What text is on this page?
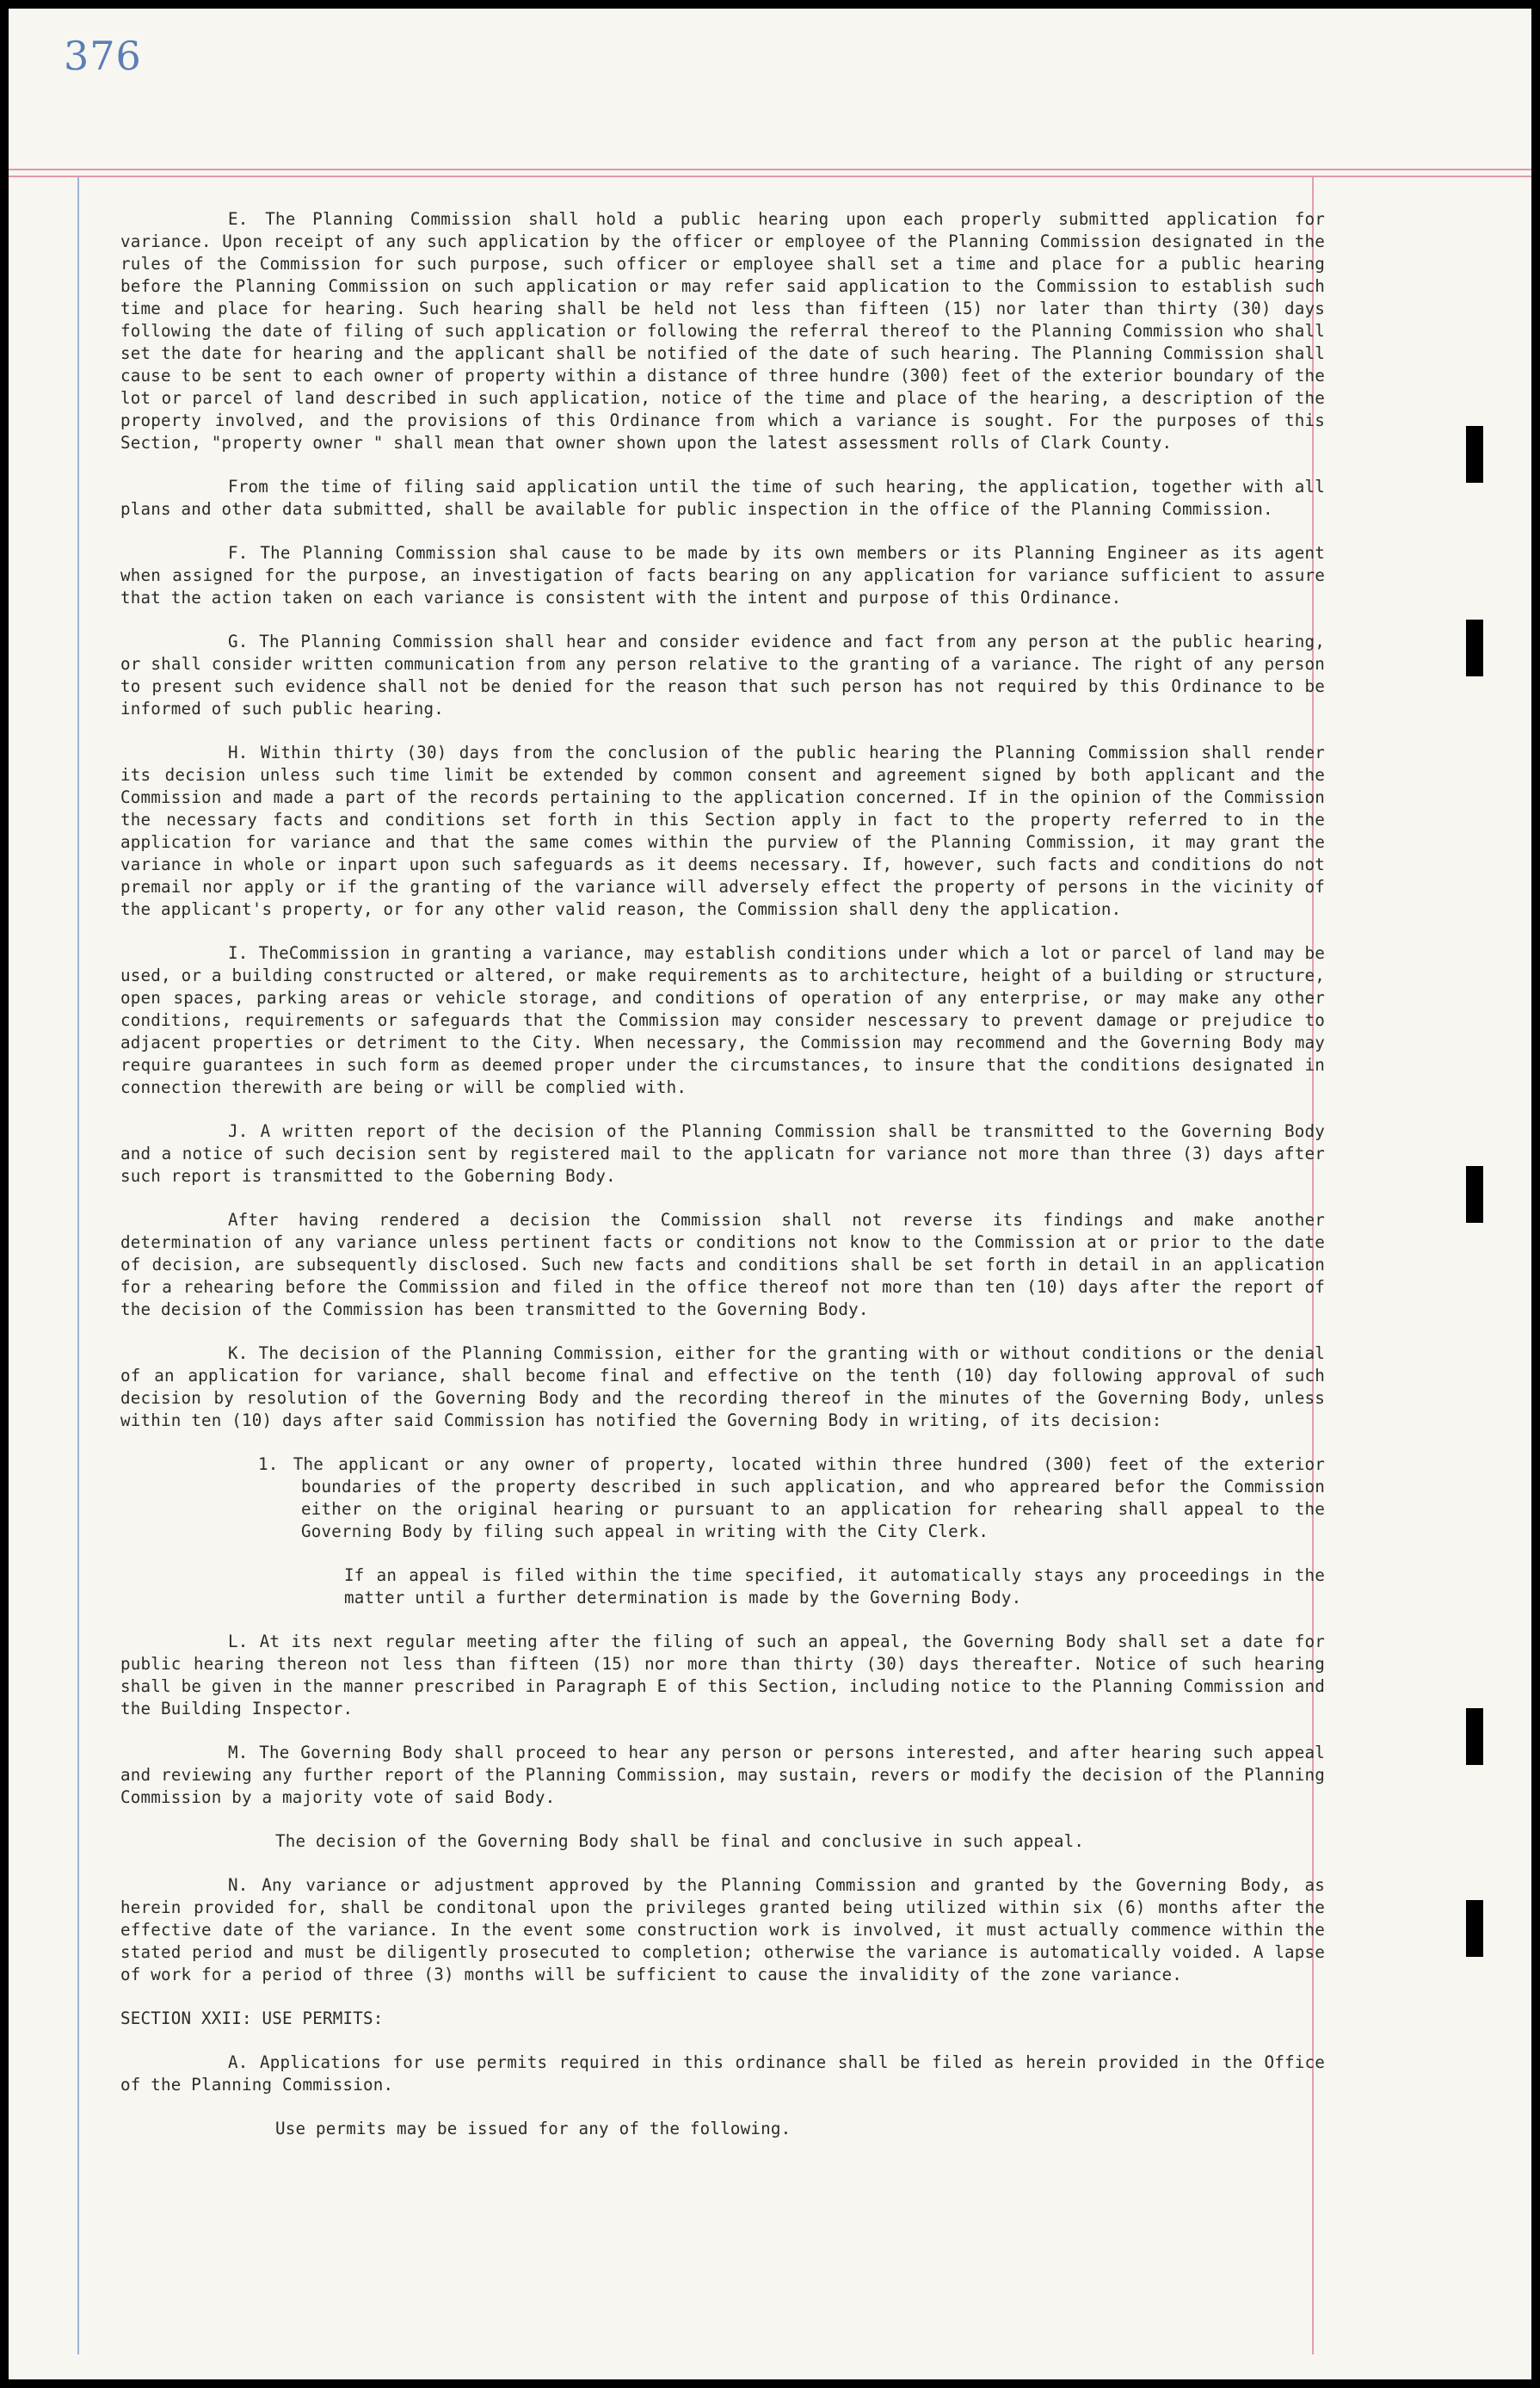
376

E. The Planning Commission shall hold a public hearing upon each properly submitted application for variance. Upon receipt of any such application by the officer or employee of the Planning Commission designated in the rules of the Commission for such purpose, such officer or employee shall set a time and place for a public hearing before the Planning Commission on such application or may refer said application to the Commission to establish such time and place for hearing. Such hearing shall be held not less than fifteen (15) nor later than thirty (30) days following the date of filing of such application or following the referral thereof to the Planning Commission who shall set the date for hearing and the applicant shall be notified of the date of such hearing. The Planning Commission shall cause to be sent to each owner of property within a distance of three hundre (300) feet of the exterior boundary of the lot or parcel of land described in such application, notice of the time and place of the hearing, a description of the property involved, and the provisions of this Ordinance from which a variance is sought. For the purposes of this Section, "property owner " shall mean that owner shown upon the latest assessment rolls of Clark County.

From the time of filing said application until the time of such hearing, the application, together with all plans and other data submitted, shall be available for public inspection in the office of the Planning Commission.

F. The Planning Commission shal cause to be made by its own members or its Planning Engineer as its agent when assigned for the purpose, an investigation of facts bearing on any application for variance sufficient to assure that the action taken on each variance is consistent with the intent and purpose of this Ordinance.

G. The Planning Commission shall hear and consider evidence and fact from any person at the public hearing, or shall consider written communication from any person relative to the granting of a variance. The right of any person to present such evidence shall not be denied for the reason that such person has not required by this Ordinance to be informed of such public hearing.

H. Within thirty (30) days from the conclusion of the public hearing the Planning Commission shall render its decision unless such time limit be extended by common consent and agreement signed by both applicant and the Commission and made a part of the records pertaining to the application concerned. If in the opinion of the Commission the necessary facts and conditions set forth in this Section apply in fact to the property referred to in the application for variance and that the same comes within the purview of the Planning Commission, it may grant the variance in whole or inpart upon such safeguards as it deems necessary. If, however, such facts and conditions do not premail nor apply or if the granting of the variance will adversely effect the property of persons in the vicinity of the applicant's property, or for any other valid reason, the Commission shall deny the application.

I. TheCommission in granting a variance, may establish conditions under which a lot or parcel of land may be used, or a building constructed or altered, or make requirements as to architecture, height of a building or structure, open spaces, parking areas or vehicle storage, and conditions of operation of any enterprise, or may make any other conditions, requirements or safeguards that the Commission may consider nescessary to prevent damage or prejudice to adjacent properties or detriment to the City. When necessary, the Commission may recommend and the Governing Body may require guarantees in such form as deemed proper under the circumstances, to insure that the conditions designated in connection therewith are being or will be complied with.

J. A written report of the decision of the Planning Commission shall be transmitted to the Governing Body and a notice of such decision sent by registered mail to the applicatn for variance not more than three (3) days after such report is transmitted to the Goberning Body.

After having rendered a decision the Commission shall not reverse its findings and make another determination of any variance unless pertinent facts or conditions not know to the Commission at or prior to the date of decision, are subsequently disclosed. Such new facts and conditions shall be set forth in detail in an application for a rehearing before the Commission and filed in the office thereof not more than ten (10) days after the report of the decision of the Commission has been transmitted to the Governing Body.

K. The decision of the Planning Commission, either for the granting with or without conditions or the denial of an application for variance, shall become final and effective on the tenth (10) day following approval of such decision by resolution of the Governing Body and the recording thereof in the minutes of the Governing Body, unless within ten (10) days after said Commission has notified the Governing Body in writing, of its decision:

1. The applicant or any owner of property, located within three hundred (300) feet of the exterior boundaries of the property described in such application, and who appreared befor the Commission either on the original hearing or pursuant to an application for rehearing shall appeal to the Governing Body by filing such appeal in writing with the City Clerk.

If an appeal is filed within the time specified, it automatically stays any proceedings in the matter until a further determination is made by the Governing Body.

L. At its next regular meeting after the filing of such an appeal, the Governing Body shall set a date for public hearing thereon not less than fifteen (15) nor more than thirty (30) days thereafter. Notice of such hearing shall be given in the manner prescribed in Paragraph E of this Section, including notice to the Planning Commission and the Building Inspector.

M. The Governing Body shall proceed to hear any person or persons interested, and after hearing such appeal and reviewing any further report of the Planning Commission, may sustain, revers or modify the decision of the Planning Commission by a majority vote of said Body.

The decision of the Governing Body shall be final and conclusive in such appeal.

N. Any variance or adjustment approved by the Planning Commission and granted by the Governing Body, as herein provided for, shall be conditonal upon the privileges granted being utilized within six (6) months after the effective date of the variance. In the event some construction work is involved, it must actually commence within the stated period and must be diligently prosecuted to completion; otherwise the variance is automatically voided. A lapse of work for a period of three (3) months will be sufficient to cause the invalidity of the zone variance.

SECTION XXII: USE PERMITS:

A. Applications for use permits required in this ordinance shall be filed as herein provided in the Office of the Planning Commission.

Use permits may be issued for any of the following.
